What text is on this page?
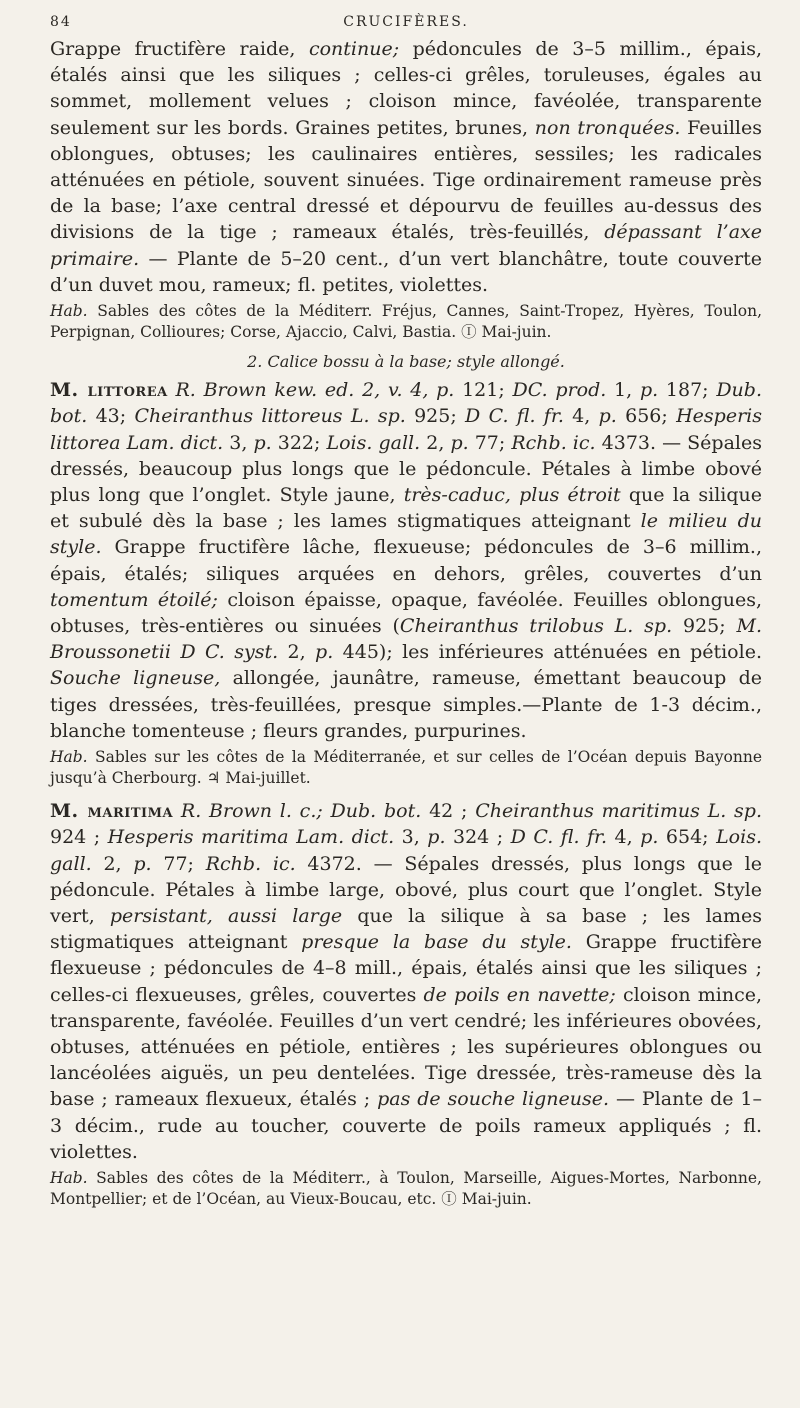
84	CRUCIFÈRES.

Grappe fructifère raide, continue; pédoncules de 3–5 millim., épais, étalés ainsi que les siliques ; celles-ci grêles, toruleuses, égales au sommet, mollement velues ; cloison mince, favéolée, transparente seulement sur les bords. Graines petites, brunes, non tronquées. Feuilles oblongues, obtuses; les caulinaires entières, sessiles; les radicales atténuées en pétiole, souvent sinuées. Tige ordinairement rameuse près de la base; l’axe central dressé et dépourvu de feuilles au-dessus des divisions de la tige ; rameaux étalés, très-feuillés, dépassant l’axe primaire. — Plante de 5–20 cent., d’un vert blanchâtre, toute couverte d’un duvet mou, rameux; fl. petites, violettes.

Hab. Sables des côtes de la Méditerr. Fréjus, Cannes, Saint-Tropez, Hyères, Toulon, Perpignan, Collioures; Corse, Ajaccio, Calvi, Bastia. Ⓘ Mai-juin.

2. Calice bossu à la base; style allongé.

M. littorea R. Brown kew. ed. 2, v. 4, p. 121; DC. prod. 1, p. 187; Dub. bot. 43; Cheiranthus littoreus L. sp. 925; D C. fl. fr. 4, p. 656; Hesperis littorea Lam. dict. 3, p. 322; Lois. gall. 2, p. 77; Rchb. ic. 4373. — Sépales dressés, beaucoup plus longs que le pédoncule. Pétales à limbe obové plus long que l’onglet. Style jaune, très-caduc, plus étroit que la silique et subulé dès la base ; les lames stigmatiques atteignant le milieu du style. Grappe fructifère lâche, flexueuse; pédoncules de 3–6 millim., épais, étalés; siliques arquées en dehors, grêles, couvertes d’un tomentum étoilé; cloison épaisse, opaque, favéolée. Feuilles oblongues, obtuses, très-entières ou sinuées (Cheiranthus trilobus L. sp. 925; M. Broussonetii D C. syst. 2, p. 445); les inférieures atténuées en pétiole. Souche ligneuse, allongée, jaunâtre, rameuse, émettant beaucoup de tiges dressées, très-feuillées, presque simples.—Plante de 1-3 décim., blanche tomenteuse ; fleurs grandes, purpurines.

Hab. Sables sur les côtes de la Méditerranée, et sur celles de l’Océan depuis Bayonne jusqu’à Cherbourg. ♃ Mai-juillet.

M. maritima R. Brown l. c.; Dub. bot. 42 ; Cheiranthus maritimus L. sp. 924 ; Hesperis maritima Lam. dict. 3, p. 324 ; D C. fl. fr. 4, p. 654; Lois. gall. 2, p. 77; Rchb. ic. 4372. — Sépales dressés, plus longs que le pédoncule. Pétales à limbe large, obové, plus court que l’onglet. Style vert, persistant, aussi large que la silique à sa base ; les lames stigmatiques atteignant presque la base du style. Grappe fructifère flexueuse ; pédoncules de 4–8 mill., épais, étalés ainsi que les siliques ; celles-ci flexueuses, grêles, couvertes de poils en navette; cloison mince, transparente, favéolée. Feuilles d’un vert cendré; les inférieures obovées, obtuses, atténuées en pétiole, entières ; les supérieures oblongues ou lancéolées aiguës, un peu dentelées. Tige dressée, très-rameuse dès la base ; rameaux flexueux, étalés ; pas de souche ligneuse. — Plante de 1–3 décim., rude au toucher, couverte de poils rameux appliqués ; fl. violettes.

Hab. Sables des côtes de la Méditerr., à Toulon, Marseille, Aigues-Mortes, Narbonne, Montpellier; et de l’Océan, au Vieux-Boucau, etc. Ⓘ Mai-juin.
